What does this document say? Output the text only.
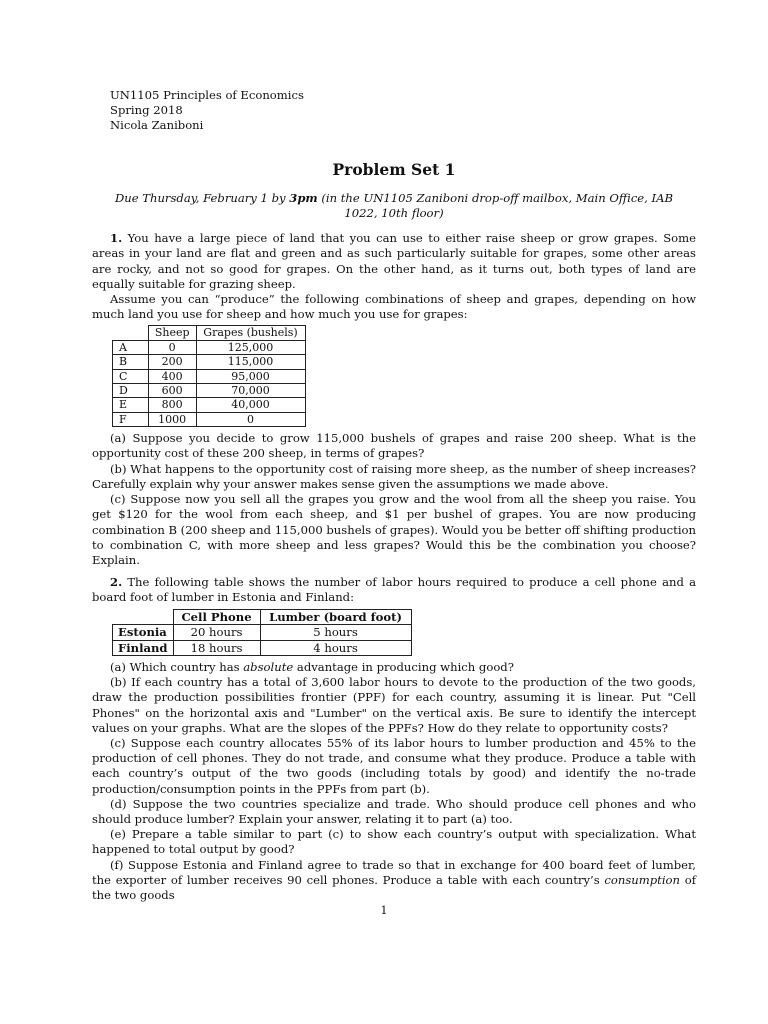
UN1105 Principles of Economics
Spring 2018
Nicola Zaniboni
Problem Set 1
Due Thursday, February 1 by 3pm (in the UN1105 Zaniboni drop-off mailbox, Main Office, IAB 1022, 10th floor)

1. You have a large piece of land that you can use to either raise sheep or grow grapes. Some areas in your land are flat and green and as such particularly suitable for grapes, some other areas are rocky, and not so good for grapes. On the other hand, as it turns out, both types of land are equally suitable for grazing sheep.

Assume you can “produce” the following combinations of sheep and grapes, depending on how much land you use for sheep and how much you use for grapes:

	Sheep	Grapes (bushels)
A	0	125,000
B	200	115,000
C	400	95,000
D	600	70,000
E	800	40,000
F	1000	0

(a) Suppose you decide to grow 115,000 bushels of grapes and raise 200 sheep. What is the opportunity cost of these 200 sheep, in terms of grapes?

(b) What happens to the opportunity cost of raising more sheep, as the number of sheep increases? Carefully explain why your answer makes sense given the assumptions we made above.

(c) Suppose now you sell all the grapes you grow and the wool from all the sheep you raise. You get $120 for the wool from each sheep, and $1 per bushel of grapes. You are now producing combination B (200 sheep and 115,000 bushels of grapes). Would you be better off shifting production to combination C, with more sheep and less grapes? Would this be the combination you choose? Explain.

2. The following table shows the number of labor hours required to produce a cell phone and a board foot of lumber in Estonia and Finland:

	Cell Phone	Lumber (board foot)
Estonia	20 hours	5 hours
Finland	18 hours	4 hours

(a) Which country has absolute advantage in producing which good?

(b) If each country has a total of 3,600 labor hours to devote to the production of the two goods, draw the production possibilities frontier (PPF) for each country, assuming it is linear. Put "Cell Phones" on the horizontal axis and "Lumber" on the vertical axis. Be sure to identify the intercept values on your graphs. What are the slopes of the PPFs? How do they relate to opportunity costs?

(c) Suppose each country allocates 55% of its labor hours to lumber production and 45% to the production of cell phones. They do not trade, and consume what they produce. Produce a table with each country’s output of the two goods (including totals by good) and identify the no-trade production/consumption points in the PPFs from part (b).

(d) Suppose the two countries specialize and trade. Who should produce cell phones and who should produce lumber? Explain your answer, relating it to part (a) too.

(e) Prepare a table similar to part (c) to show each country’s output with specialization. What happened to total output by good?

(f) Suppose Estonia and Finland agree to trade so that in exchange for 400 board feet of lumber, the exporter of lumber receives 90 cell phones. Produce a table with each country’s consumption of the two goods

1
